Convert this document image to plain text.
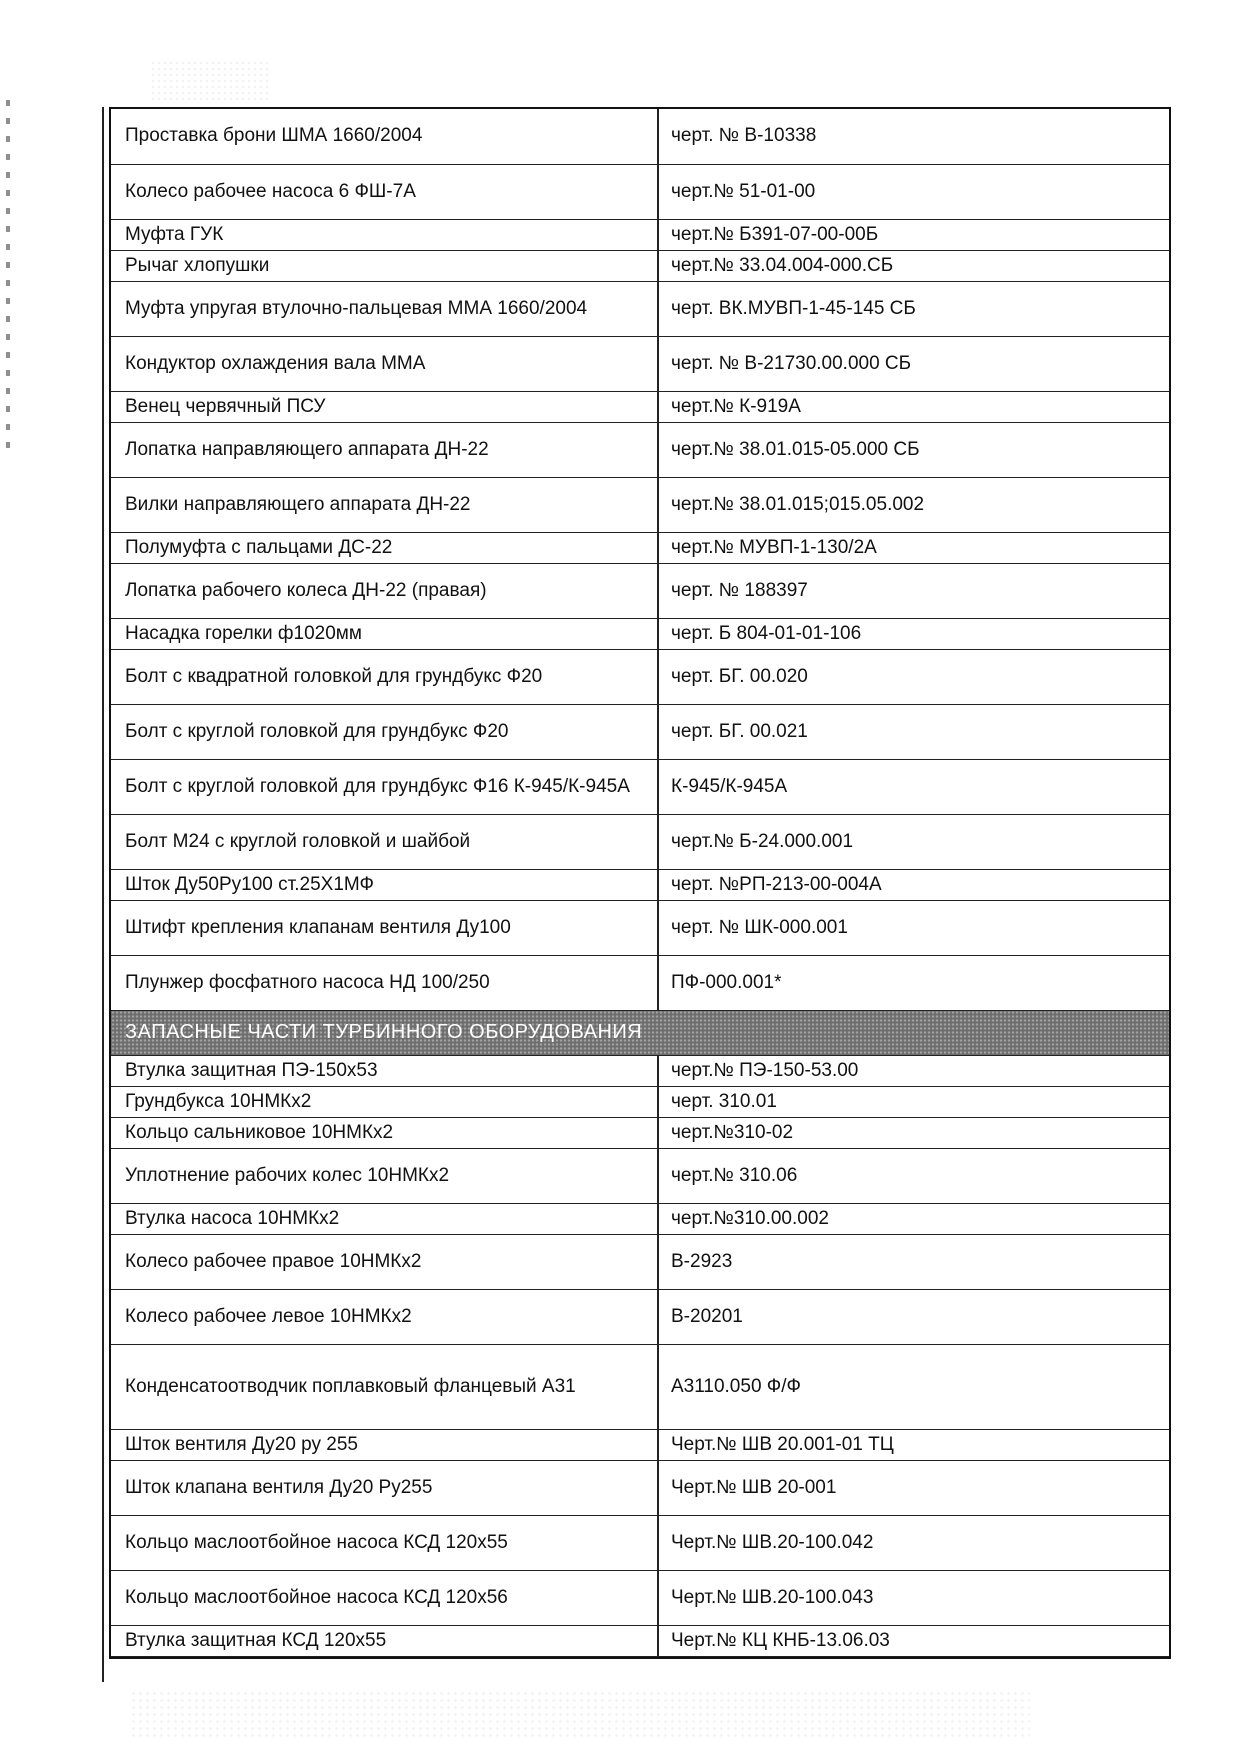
Проставка брони ШМА 1660/2004	черт. № В-10338
Колесо рабочее насоса 6 ФШ-7А	черт.№ 51-01-00
Муфта ГУК	черт.№ Б391-07-00-00Б
Рычаг хлопушки	черт.№ 33.04.004-000.СБ
Муфта упругая втулочно-пальцевая ММА 1660/2004	черт. ВК.МУВП-1-45-145 СБ
Кондуктор охлаждения вала ММА	черт. № В-21730.00.000 СБ
Венец червячный ПСУ	черт.№ К-919А
Лопатка направляющего аппарата ДН-22	черт.№ 38.01.015-05.000 СБ
Вилки направляющего аппарата ДН-22	черт.№ 38.01.015;015.05.002
Полумуфта с пальцами ДС-22	черт.№ МУВП-1-130/2А
Лопатка рабочего колеса ДН-22 (правая)	черт. № 188397
Насадка горелки ф1020мм	черт. Б 804-01-01-106
Болт с квадратной головкой для грундбукс Ф20	черт. БГ. 00.020
Болт с круглой головкой для грундбукс Ф20	черт. БГ. 00.021
Болт с круглой головкой для грундбукс Ф16 К-945/К-945А	К-945/К-945А
Болт М24 с круглой головкой и шайбой	черт.№ Б-24.000.001
Шток Ду50Ру100 ст.25Х1МФ	черт. №РП-213-00-004А
Штифт крепления клапанам вентиля Ду100	черт. № ШК-000.001
Плунжер фосфатного насоса НД 100/250	ПФ-000.001*
ЗАПАСНЫЕ ЧАСТИ ТУРБИННОГО ОБОРУДОВАНИЯ	
Втулка защитная ПЭ-150х53	черт.№ ПЭ-150-53.00
Грундбукса 10НМКх2	черт. 310.01
Кольцо сальниковое 10НМКх2	черт.№310-02
Уплотнение рабочих колес 10НМКх2	черт.№ 310.06
Втулка насоса 10НМКх2	черт.№310.00.002
Колесо рабочее правое 10НМКх2	В-2923
Колесо рабочее левое 10НМКх2	В-20201
Конденсатоотводчик поплавковый фланцевый А31	А3110.050 Ф/Ф
Шток вентиля Ду20 ру 255	Черт.№ ШВ 20.001-01 ТЦ
Шток клапана вентиля Ду20 Ру255	Черт.№ ШВ 20-001
Кольцо маслоотбойное насоса КСД 120х55	Черт.№ ШВ.20-100.042
Кольцо маслоотбойное насоса КСД 120х56	Черт.№ ШВ.20-100.043
Втулка защитная КСД 120х55	Черт.№ КЦ КНБ-13.06.03
